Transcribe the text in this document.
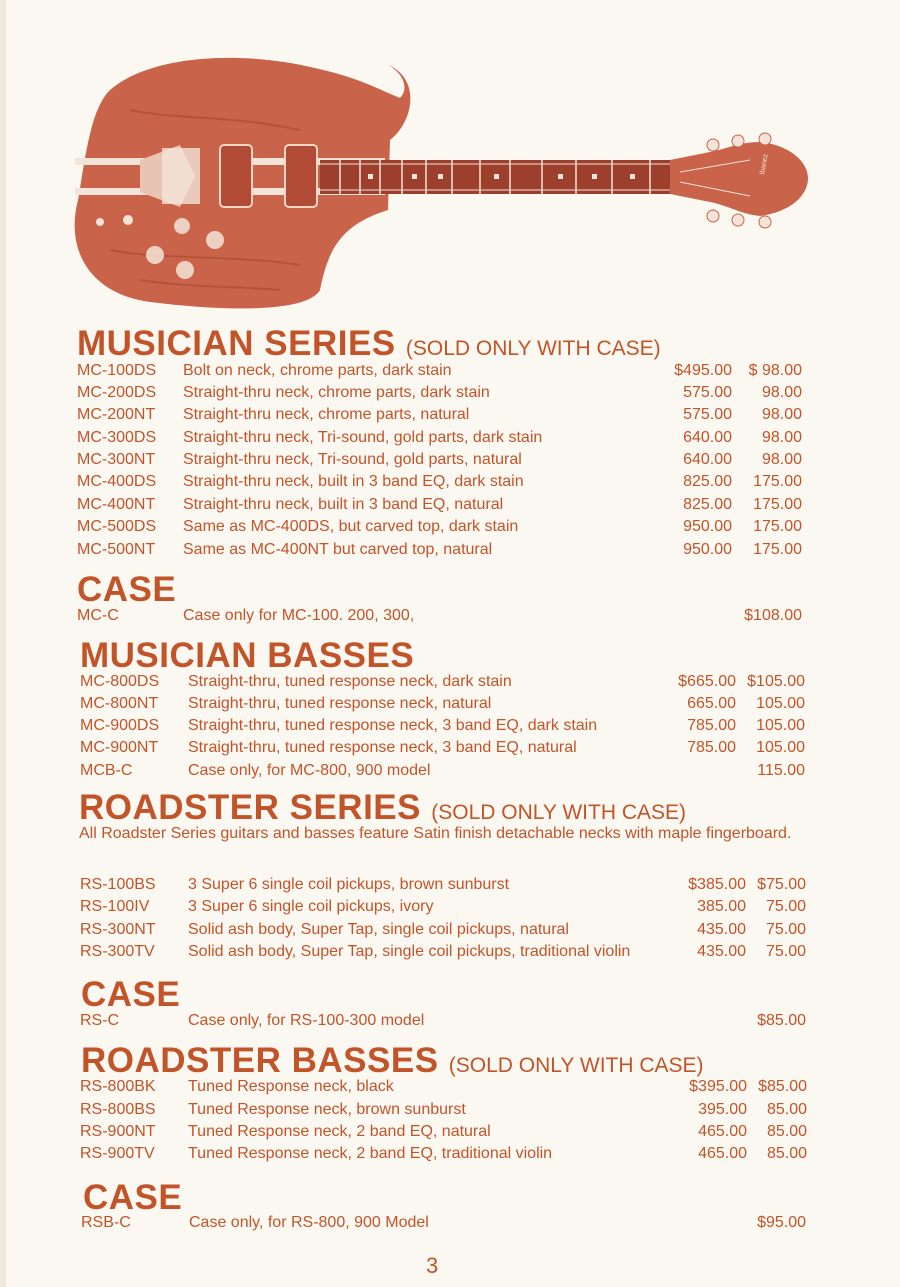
Ibanez
MUSICIAN SERIES (SOLD ONLY WITH CASE)
MC-100DS Bolt on neck, chrome parts, dark stain	$495.00	$ 98.00
MC-200DS Straight-thru neck, chrome parts, dark stain	575.00	98.00
MC-200NT Straight-thru neck, chrome parts, natural	575.00	98.00
MC-300DS Straight-thru neck, Tri-sound, gold parts, dark stain	640.00	98.00
MC-300NT Straight-thru neck, Tri-sound, gold parts, natural	640.00	98.00
MC-400DS Straight-thru neck, built in 3 band EQ, dark stain	825.00	175.00
MC-400NT Straight-thru neck, built in 3 band EQ, natural	825.00	175.00
MC-500DS Same as MC-400DS, but carved top, dark stain	950.00	175.00
MC-500NT Same as MC-400NT but carved top, natural	950.00	175.00
CASE
MC-C	Case only for MC-100. 200, 300,	$108.00
MUSICIAN BASSES
MC-800DS Straight-thru, tuned response neck, dark stain	$665.00 $105.00
MC-800NT Straight-thru, tuned response neck, natural	665.00	105.00
MC-900DS Straight-thru, tuned response neck, 3 band EQ, dark stain	785.00	105.00
MC-900NT Straight-thru, tuned response neck, 3 band EQ, natural	785.00	105.00
MCB-C	Case only, for MC-800, 900 model	115.00
ROADSTER SERIES (SOLD ONLY WITH CASE)
All Roadster Series guitars and basses feature Satin finish detachable necks with maple fingerboard.
RS-100BS 3 Super 6 single coil pickups, brown sunburst	$385.00 $75.00
RS-100IV 3 Super 6 single coil pickups, ivory	385.00	75.00
RS-300NT Solid ash body, Super Tap, single coil pickups, natural	435.00	75.00
RS-300TV Solid ash body, Super Tap, single coil pickups, traditional violin	435.00	75.00
CASE
RS-C	Case only, for RS-100-300 model	$85.00
ROADSTER BASSES (SOLD ONLY WITH CASE)
RS-800BK Tuned Response neck, black	$395.00 $85.00
RS-800BS Tuned Response neck, brown sunburst	395.00	85.00
RS-900NT Tuned Response neck, 2 band EQ, natural	465.00	85.00
RS-900TV Tuned Response neck, 2 band EQ, traditional violin	465.00	85.00
CASE
RSB-C	Case only, for RS-800, 900 Model	$95.00
3
